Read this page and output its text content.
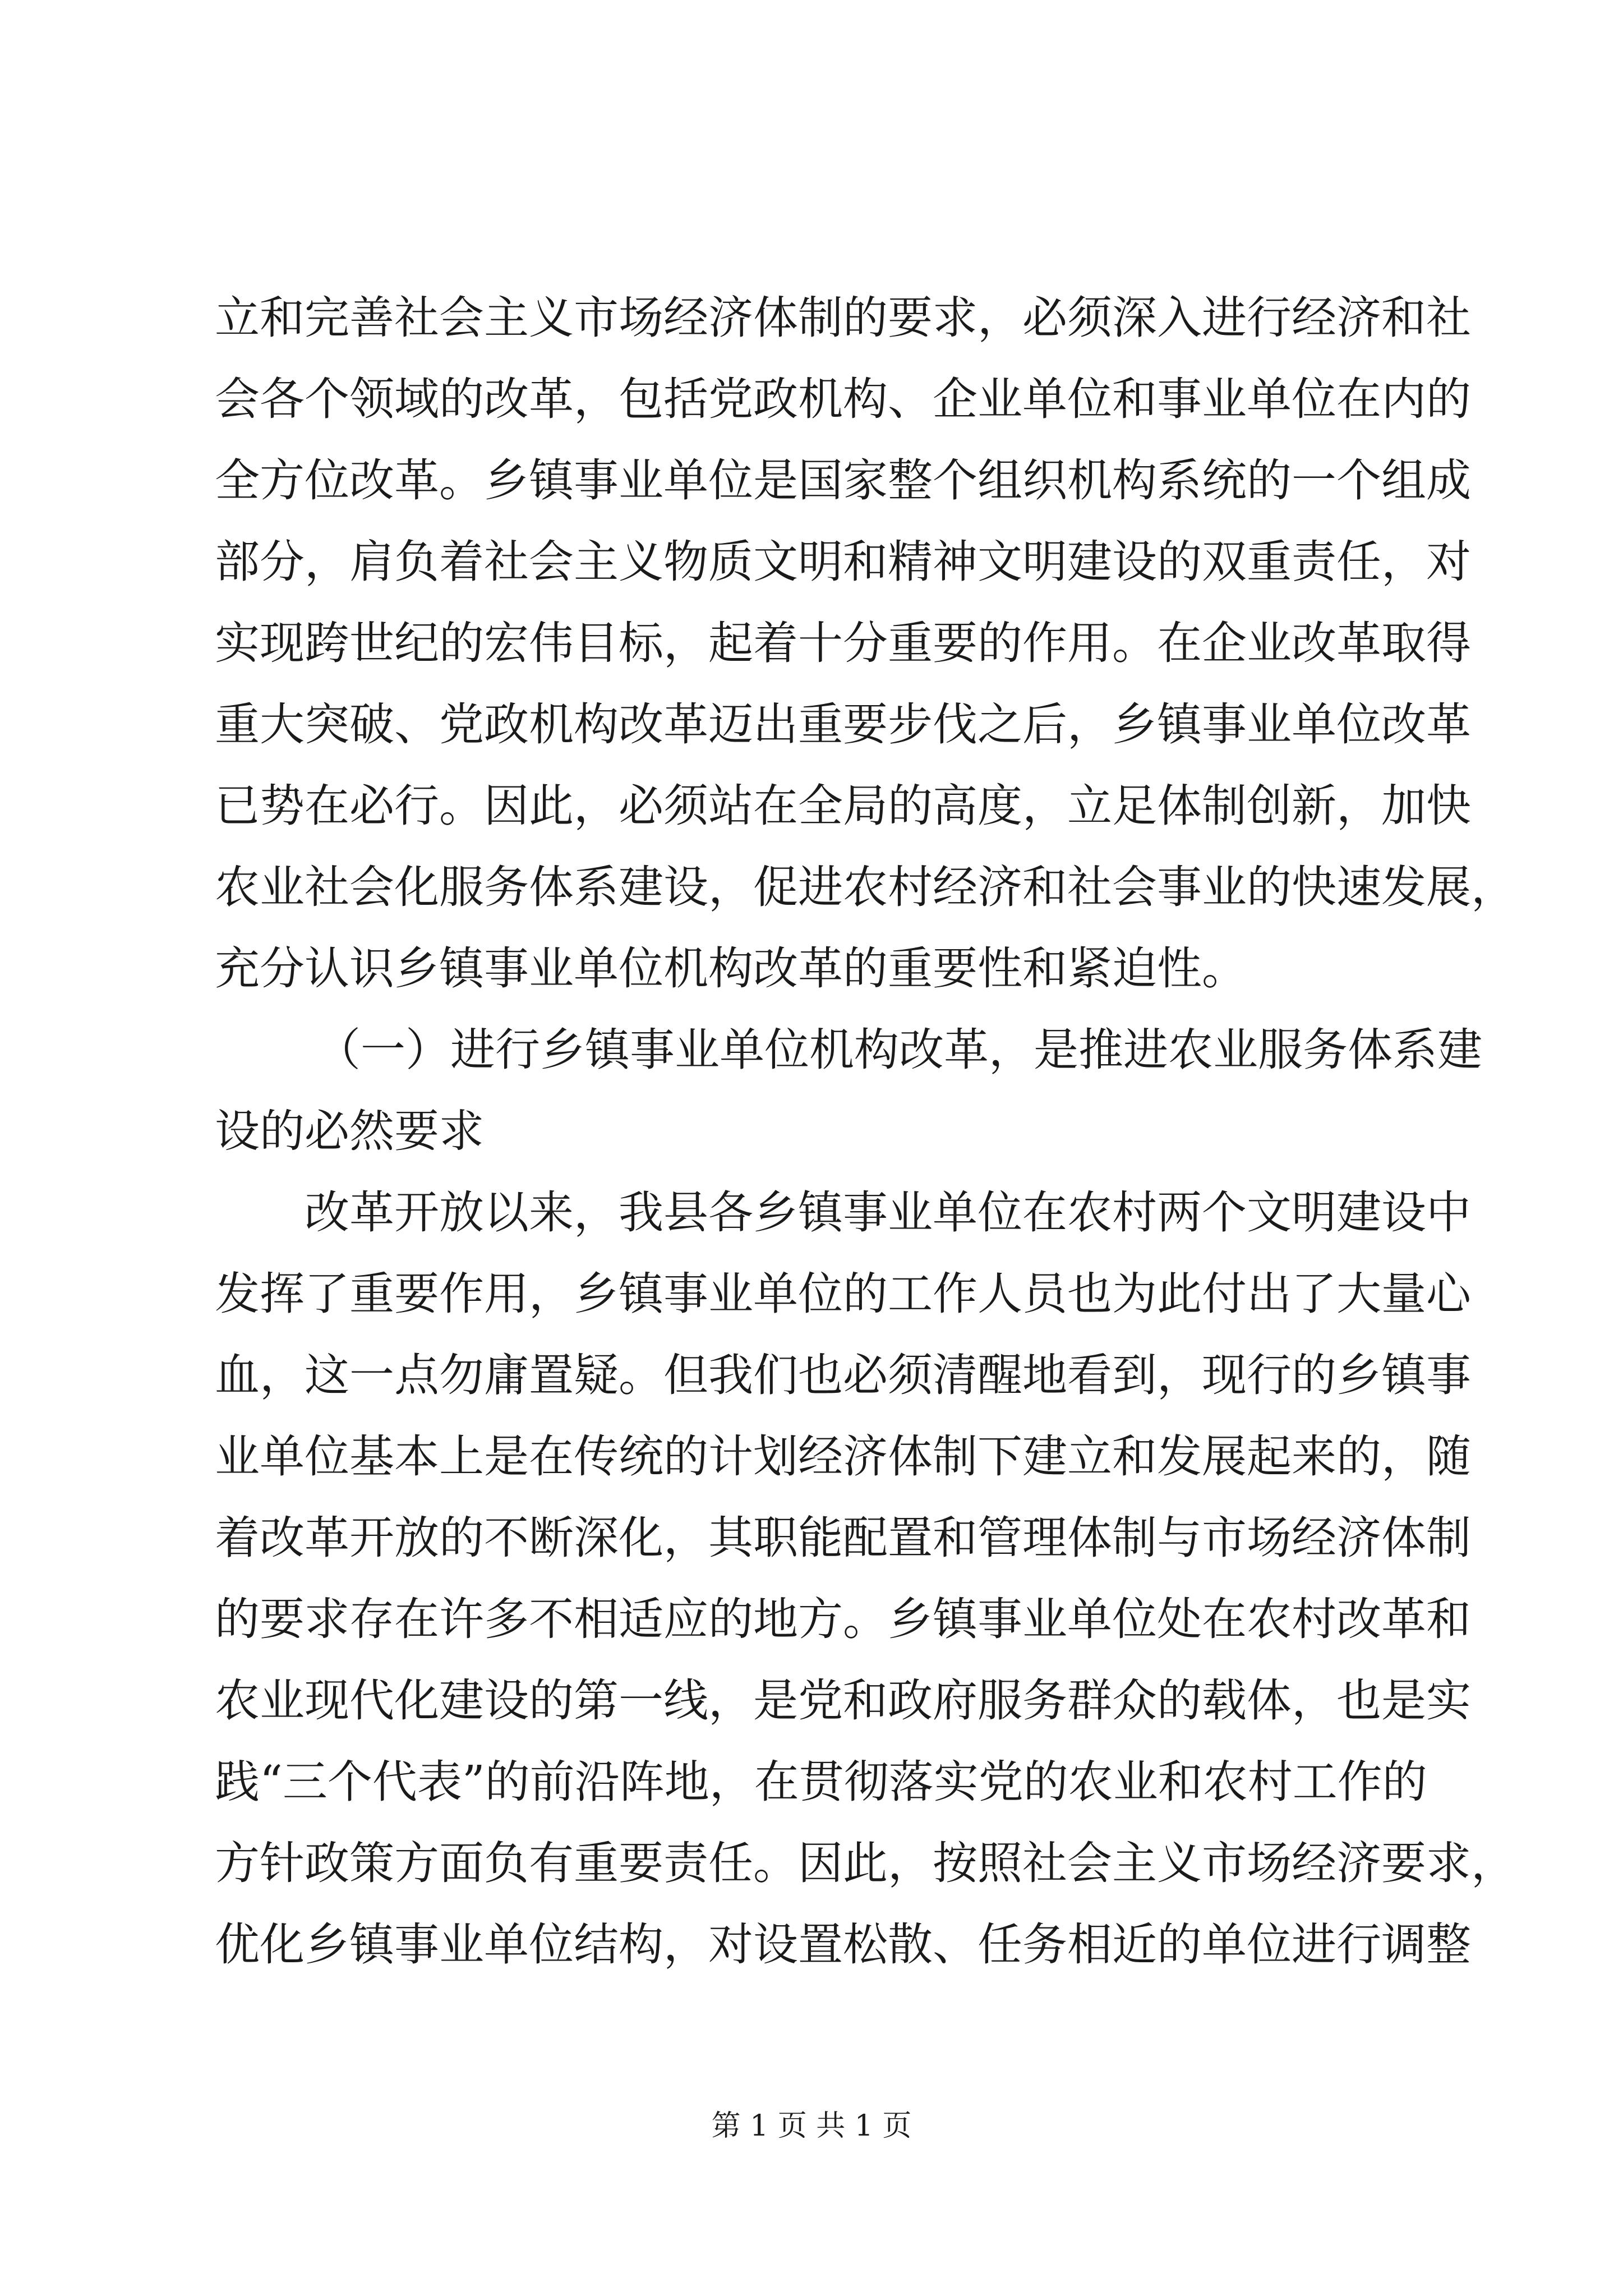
立和完善社会主义市场经济体制的要求，必须深入进行经济和社
会各个领域的改革，包括党政机构、企业单位和事业单位在内的
全方位改革。乡镇事业单位是国家整个组织机构系统的一个组成
部分，肩负着社会主义物质文明和精神文明建设的双重责任，对
实现跨世纪的宏伟目标，起着十分重要的作用。在企业改革取得
重大突破、党政机构改革迈出重要步伐之后，乡镇事业单位改革
已势在必行。因此，必须站在全局的高度，立足体制创新，加快
农业社会化服务体系建设，促进农村经济和社会事业的快速发展，
充分认识乡镇事业单位机构改革的重要性和紧迫性。
（一）进行乡镇事业单位机构改革，是推进农业服务体系建
设的必然要求
改革开放以来，我县各乡镇事业单位在农村两个文明建设中
发挥了重要作用，乡镇事业单位的工作人员也为此付出了大量心
血，这一点勿庸置疑。但我们也必须清醒地看到，现行的乡镇事
业单位基本上是在传统的计划经济体制下建立和发展起来的，随
着改革开放的不断深化，其职能配置和管理体制与市场经济体制
的要求存在许多不相适应的地方。乡镇事业单位处在农村改革和
农业现代化建设的第一线，是党和政府服务群众的载体，也是实
践“三个代表”的前沿阵地，在贯彻落实党的农业和农村工作的
方针政策方面负有重要责任。因此，按照社会主义市场经济要求，
优化乡镇事业单位结构，对设置松散、任务相近的单位进行调整
第 1 页 共 1 页
